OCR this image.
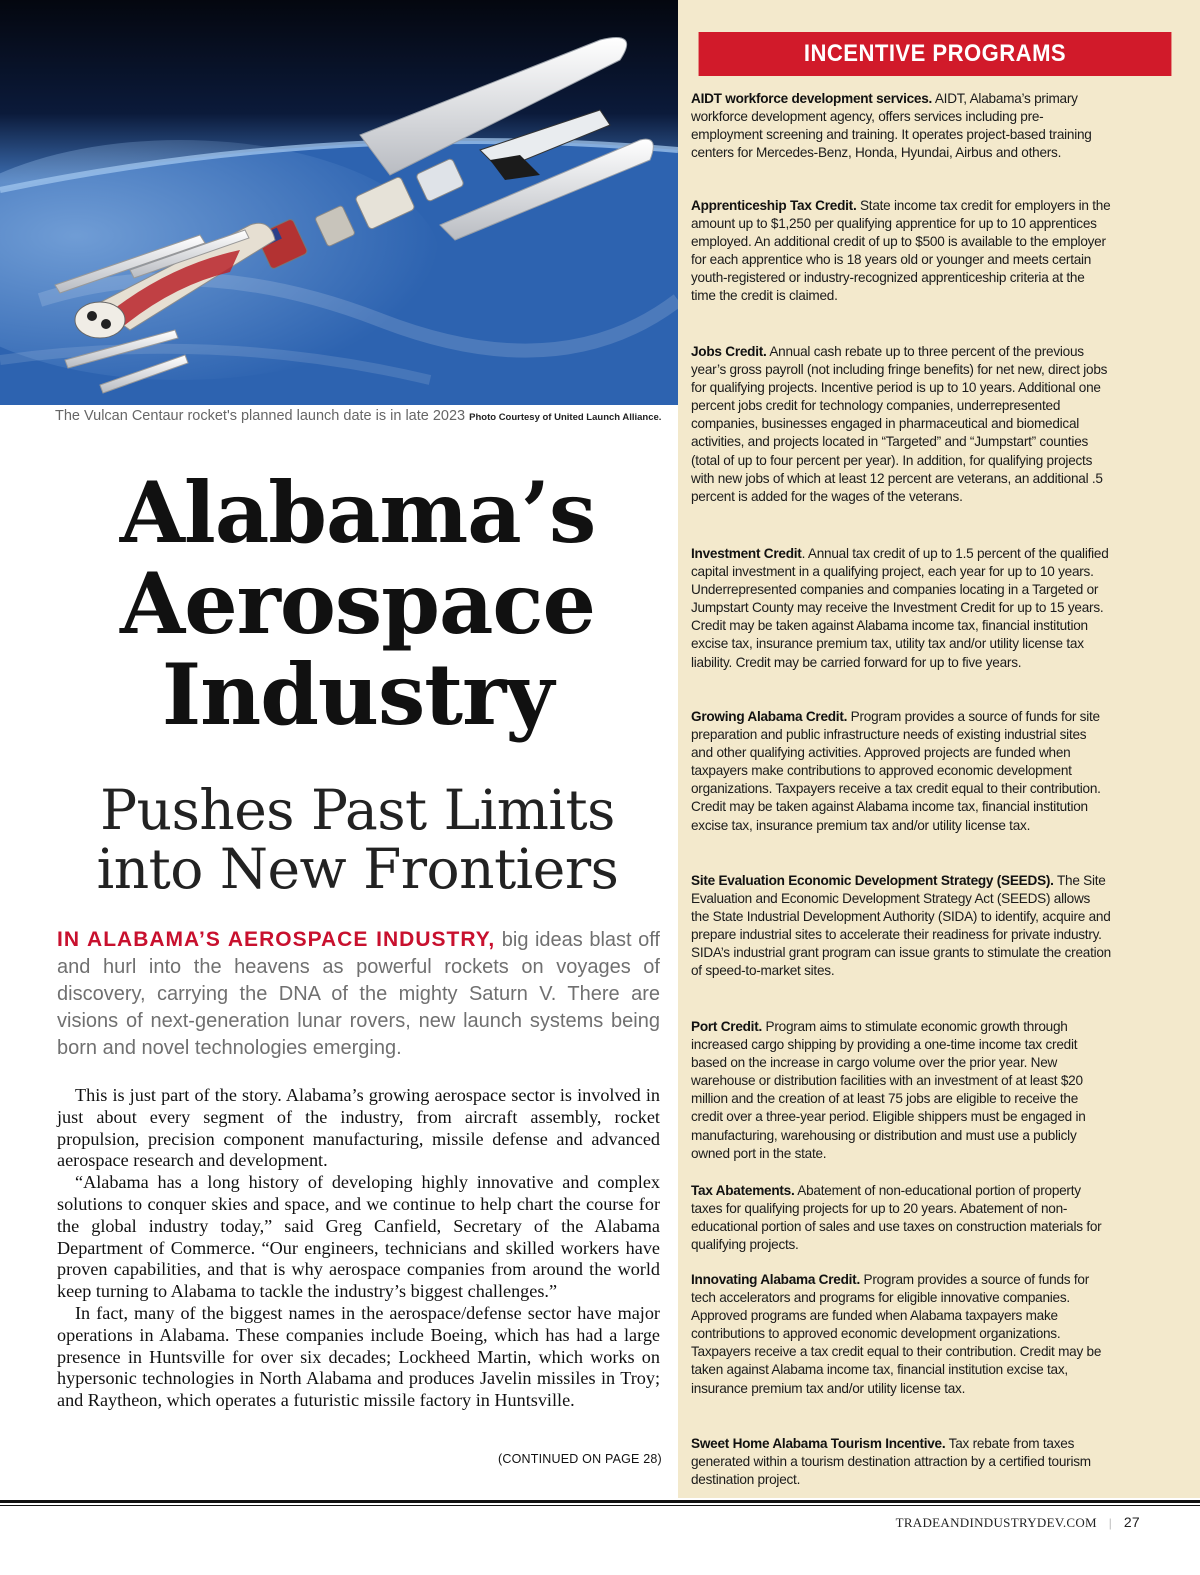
The Vulcan Centaur rocket's planned launch date is in late 2023 Photo Courtesy of United Launch Alliance.
Alabama’s
Aerospace
Industry
Pushes Past Limits
into New Frontiers
IN ALABAMA’S AEROSPACE INDUSTRY, big ideas blast off and hurl into the heavens as powerful rockets on voyages of discovery, carrying the DNA of the mighty Saturn V. There are visions of next-generation lunar rovers, new launch systems being born and novel technologies emerging.

This is just part of the story. Alabama’s growing aerospace sector is involved in just about every segment of the industry, from aircraft assembly, rocket propulsion, precision component manufacturing, missile defense and advanced aerospace research and development.

“Alabama has a long history of developing highly innovative and complex solutions to conquer skies and space, and we continue to help chart the course for the global industry today,” said Greg Canfield, Secretary of the Alabama Department of Commerce. “Our engineers, technicians and skilled workers have proven capabilities, and that is why aerospace companies from around the world keep turning to Alabama to tackle the industry’s biggest challenges.”

In fact, many of the biggest names in the aerospace/defense sector have major operations in Alabama. These companies include Boeing, which has had a large presence in Huntsville for over six decades; Lockheed Martin, which works on hypersonic technologies in North Alabama and produces Javelin missiles in Troy; and Raytheon, which operates a futuristic missile factory in Huntsville.

(CONTINUED ON PAGE 28)
INCENTIVE PROGRAMS
AIDT workforce development services. AIDT, Alabama’s primary workforce development agency, offers services including pre-employment screening and training. It operates project-based training centers for Mercedes-Benz, Honda, Hyundai, Airbus and others.
Apprenticeship Tax Credit. State income tax credit for employers in the amount up to $1,250 per qualifying apprentice for up to 10 apprentices employed. An additional credit of up to $500 is available to the employer for each apprentice who is 18 years old or younger and meets certain youth-registered or industry-recognized apprenticeship criteria at the time the credit is claimed.
Jobs Credit. Annual cash rebate up to three percent of the previous year’s gross payroll (not including fringe benefits) for net new, direct jobs for qualifying projects. Incentive period is up to 10 years. Additional one percent jobs credit for technology companies, underrepresented companies, businesses engaged in pharmaceutical and biomedical activities, and projects located in “Targeted” and “Jumpstart” counties (total of up to four percent per year). In addition, for qualifying projects with new jobs of which at least 12 percent are veterans, an additional .5 percent is added for the wages of the veterans.
Investment Credit. Annual tax credit of up to 1.5 percent of the qualified capital investment in a qualifying project, each year for up to 10 years. Underrepresented companies and companies locating in a Targeted or Jumpstart County may receive the Investment Credit for up to 15 years. Credit may be taken against Alabama income tax, financial institution excise tax, insurance premium tax, utility tax and/or utility license tax liability. Credit may be carried forward for up to five years.
Growing Alabama Credit. Program provides a source of funds for site preparation and public infrastructure needs of existing industrial sites and other qualifying activities. Approved projects are funded when taxpayers make contributions to approved economic development organizations. Taxpayers receive a tax credit equal to their contribution. Credit may be taken against Alabama income tax, financial institution excise tax, insurance premium tax and/or utility license tax.
Site Evaluation Economic Development Strategy (SEEDS). The Site Evaluation and Economic Development Strategy Act (SEEDS) allows the State Industrial Development Authority (SIDA) to identify, acquire and prepare industrial sites to accelerate their readiness for private industry. SIDA’s industrial grant program can issue grants to stimulate the creation of speed-to-market sites.
Port Credit. Program aims to stimulate economic growth through increased cargo shipping by providing a one-time income tax credit based on the increase in cargo volume over the prior year. New warehouse or distribution facilities with an investment of at least $20 million and the creation of at least 75 jobs are eligible to receive the credit over a three-year period. Eligible shippers must be engaged in manufacturing, warehousing or distribution and must use a publicly owned port in the state.
Tax Abatements. Abatement of non-educational portion of property taxes for qualifying projects for up to 20 years. Abatement of non-educational portion of sales and use taxes on construction materials for qualifying projects.
Innovating Alabama Credit. Program provides a source of funds for tech accelerators and programs for eligible innovative companies. Approved programs are funded when Alabama taxpayers make contributions to approved economic development organizations. Taxpayers receive a tax credit equal to their contribution. Credit may be taken against Alabama income tax, financial institution excise tax, insurance premium tax and/or utility license tax.
Sweet Home Alabama Tourism Incentive. Tax rebate from taxes generated within a tourism destination attraction by a certified tourism destination project.
TRADEANDINDUSTRYDEV.COM | 27
